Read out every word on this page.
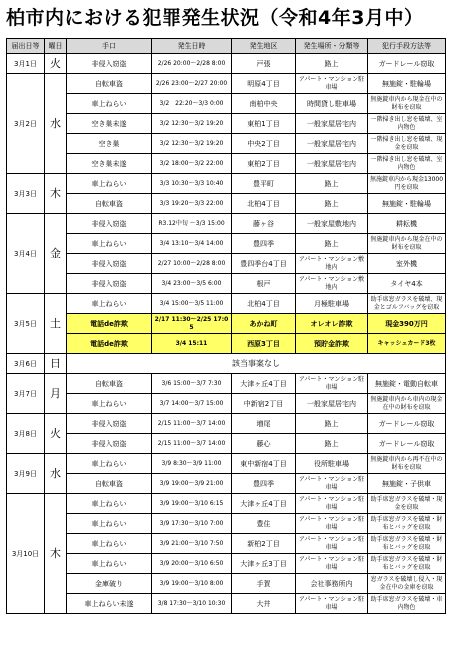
柏市内における犯罪発生状況（令和4年3月中）
届出日等	曜日	手口	発生日時	発生地区	発生場所・分類等	犯行手段方法等
3月1日	火	非侵入窃盗	2/26 20:00～2/28 8:00	戸張	路上	ガードレール窃取
3月2日	水	自転車盗	2/26 23:00～2/27 20:00	明原4丁目	アパート・マンション駐車場	無施錠・駐輪場
		車上ねらい	3/2　22:20～3/3 0:00	南柏中央	時間貸し駐車場	無施錠車内から現金在中の財布を窃取
		空き巣未遂	3/2 12:30～3/2 19:20	東柏1丁目	一般家屋居宅内	一階掃き出し窓を破壊、室内物色
		空き巣	3/2 12:30～3/2 19:20	中央2丁目	一般家屋居宅内	一階掃き出し窓を破壊、現金を窃取
		空き巣未遂	3/2 18:00～3/2 22:00	東柏2丁目	一般家屋居宅内	一階掃き出し窓を破壊、室内物色
3月3日	木	車上ねらい	3/3 10:30～3/3 10:40	豊平町	路上	無施錠車内から現金13000円を窃取
		自転車盗	3/3 19:20～3/3 22:00	北柏4丁目	路上	無施錠・駐輪場
3月4日	金	非侵入窃盗	R3.12中旬 ～3/3 15:00	藤ヶ谷	一般家屋敷地内	耕耘機
		車上ねらい	3/4 13:10～3/4 14:00	豊四季	路上	無施錠車内から現金在中の財布を窃取
		非侵入窃盗	2/27 10:00～2/28 8:00	豊四季台4丁目	アパート・マンション敷地内	室外機
		非侵入窃盗	3/4 23:00～3/5 6:00	根戸	アパート・マンション敷地内	タイヤ4本
3月5日	土	車上ねらい	3/4 15:00～3/5 11:00	北柏4丁目	月極駐車場	助手席窓ガラスを破壊、現金とゴルフバッグを窃取
		電話de詐欺	2/17 11:30～2/25 17:05	あかね町	オレオレ詐欺	現金390万円
		電話de詐欺	3/4 15:11	西原3丁目	預貯金詐欺	キャッシュカード3枚
3月6日	日	該当事案なし				
3月7日	月	自転車盗	3/6 15:00～3/7 7:30	大津ヶ丘4丁目	アパート・マンション駐車場	無施錠・電動自転車
		車上ねらい	3/7 14:00～3/7 15:00	中新宿2丁目	一般家屋居宅内	無施錠車内から車内の現金在中の財布を窃取
3月8日	火	非侵入窃盗	2/15 11:00～3/7 14:00	増尾	路上	ガードレール窃取
		非侵入窃盗	2/15 11:00～3/7 14:00	藤心	路上	ガードレール窃取
3月9日	水	車上ねらい	3/9 8:30～3/9 11:00	東中新宿4丁目	役所駐車場	無施錠車内から再不在中の財布を窃取
		自転車盗	3/9 19:00～3/9 21:00	豊四季	アパート・マンション駐車場	無施錠・子供車
3月10日	木	車上ねらい	3/9 19:00～3/10 6:15	大津ヶ丘4丁目	アパート・マンション駐車場	助手席窓ガラスを破壊・現金を窃取
		車上ねらい	3/9 17:30～3/10 7:00	豊住	アパート・マンション駐車場	助手席窓ガラスを破壊・財布とバッグを窃取
		車上ねらい	3/9 21:00～3/10 7:50	新柏2丁目	アパート・マンション駐車場	助手席窓ガラスを破壊・財布とバッグを窃取
		車上ねらい	3/9 20:00～3/10 6:50	大津ヶ丘3丁目	アパート・マンション駐車場	助手席窓ガラスを破壊・財布とバッグを窃取
		金庫破り	3/9 19:00～3/10 8:00	手賀	会社事務所内	窓ガラスを破壊し侵入・現金在中の金庫を窃取
		車上ねらい未遂	3/8 17:30～3/10 10:30	大井	アパート・マンション駐車場	助手席窓ガラスを破壊・車内物色
